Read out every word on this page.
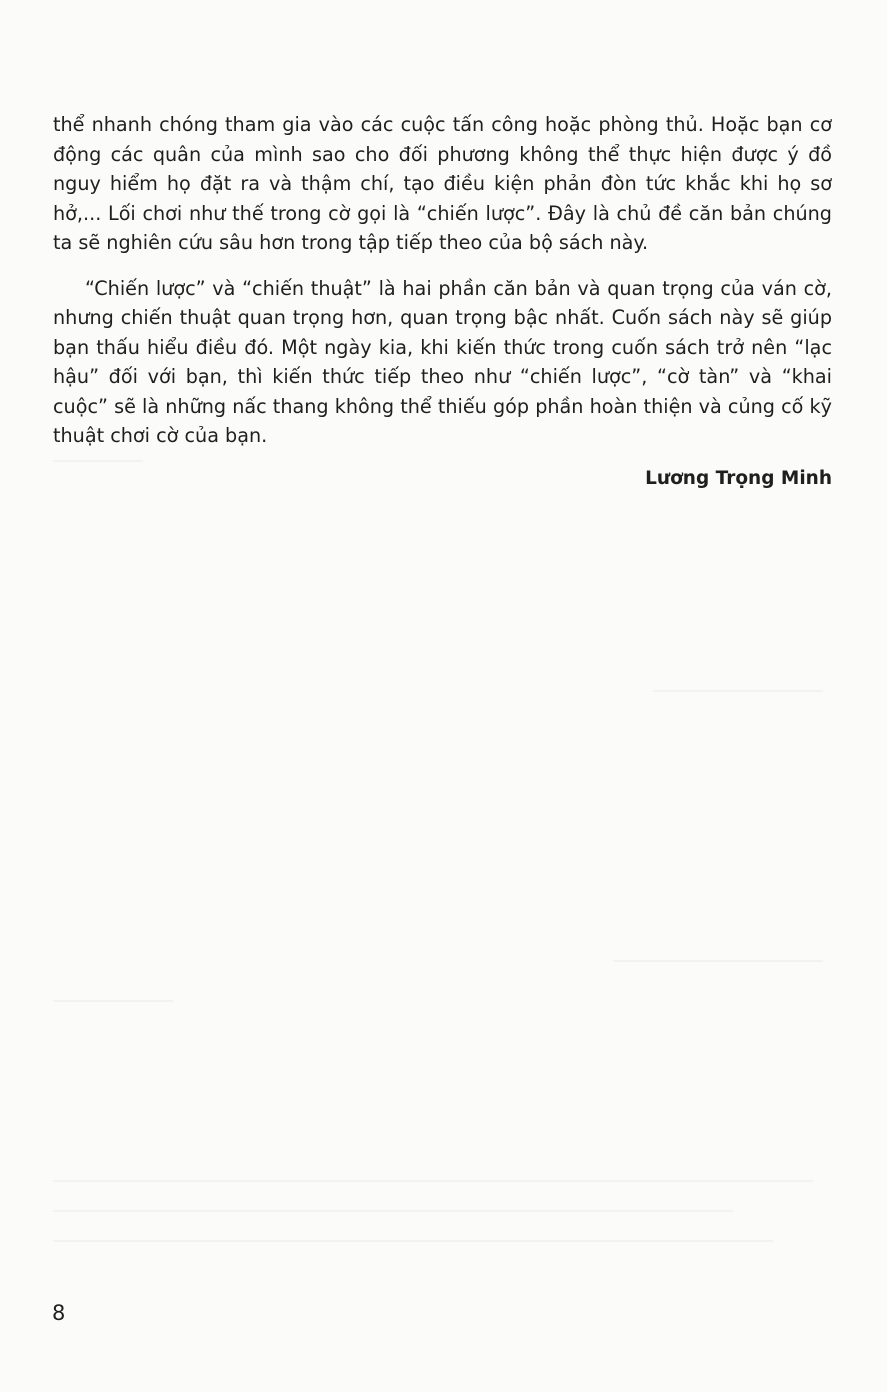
thể nhanh chóng tham gia vào các cuộc tấn công hoặc phòng thủ. Hoặc bạn cơ động các quân của mình sao cho đối phương không thể thực hiện được ý đồ nguy hiểm họ đặt ra và thậm chí, tạo điều kiện phản đòn tức khắc khi họ sơ hở,... Lối chơi như thế trong cờ gọi là “chiến lược”. Đây là chủ đề căn bản chúng ta sẽ nghiên cứu sâu hơn trong tập tiếp theo của bộ sách này.

“Chiến lược” và “chiến thuật” là hai phần căn bản và quan trọng của ván cờ, nhưng chiến thuật quan trọng hơn, quan trọng bậc nhất. Cuốn sách này sẽ giúp bạn thấu hiểu điều đó. Một ngày kia, khi kiến thức trong cuốn sách trở nên “lạc hậu” đối với bạn, thì kiến thức tiếp theo như “chiến lược”, “cờ tàn” và “khai cuộc” sẽ là những nấc thang không thể thiếu góp phần hoàn thiện và củng cố kỹ thuật chơi cờ của bạn.

Lương Trọng Minh
8
